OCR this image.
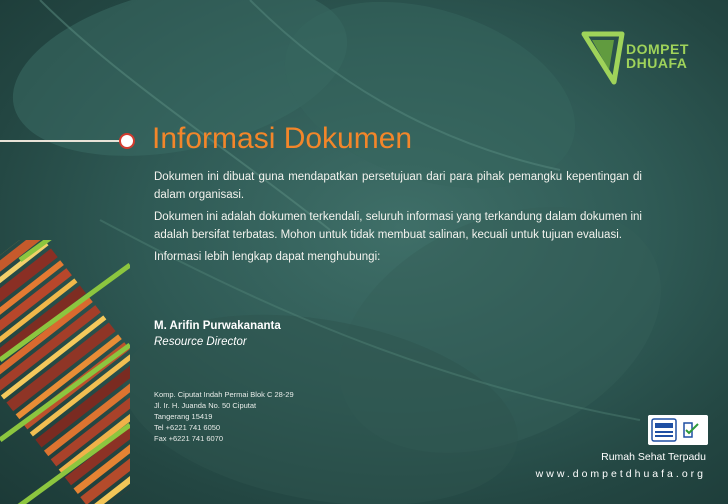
DOMPET
DHUAFA
Informasi Dokumen

Dokumen ini dibuat guna mendapatkan persetujuan dari para pihak pemangku kepentingan di dalam organisasi.

Dokumen ini adalah dokumen terkendali, seluruh informasi yang terkandung dalam dokumen ini adalah bersifat terbatas. Mohon untuk tidak membuat salinan, kecuali untuk tujuan evaluasi.

Informasi lebih lengkap dapat menghubungi:

M. Arifin Purwakananta
Resource Director
Komp. Ciputat Indah Permai Blok C 28-29
Jl. Ir. H. Juanda No. 50 Ciputat
Tangerang 15419
Tel +6221 741 6050
Fax +6221 741 6070
Rumah Sehat Terpadu
www.dompetdhuafa.org
